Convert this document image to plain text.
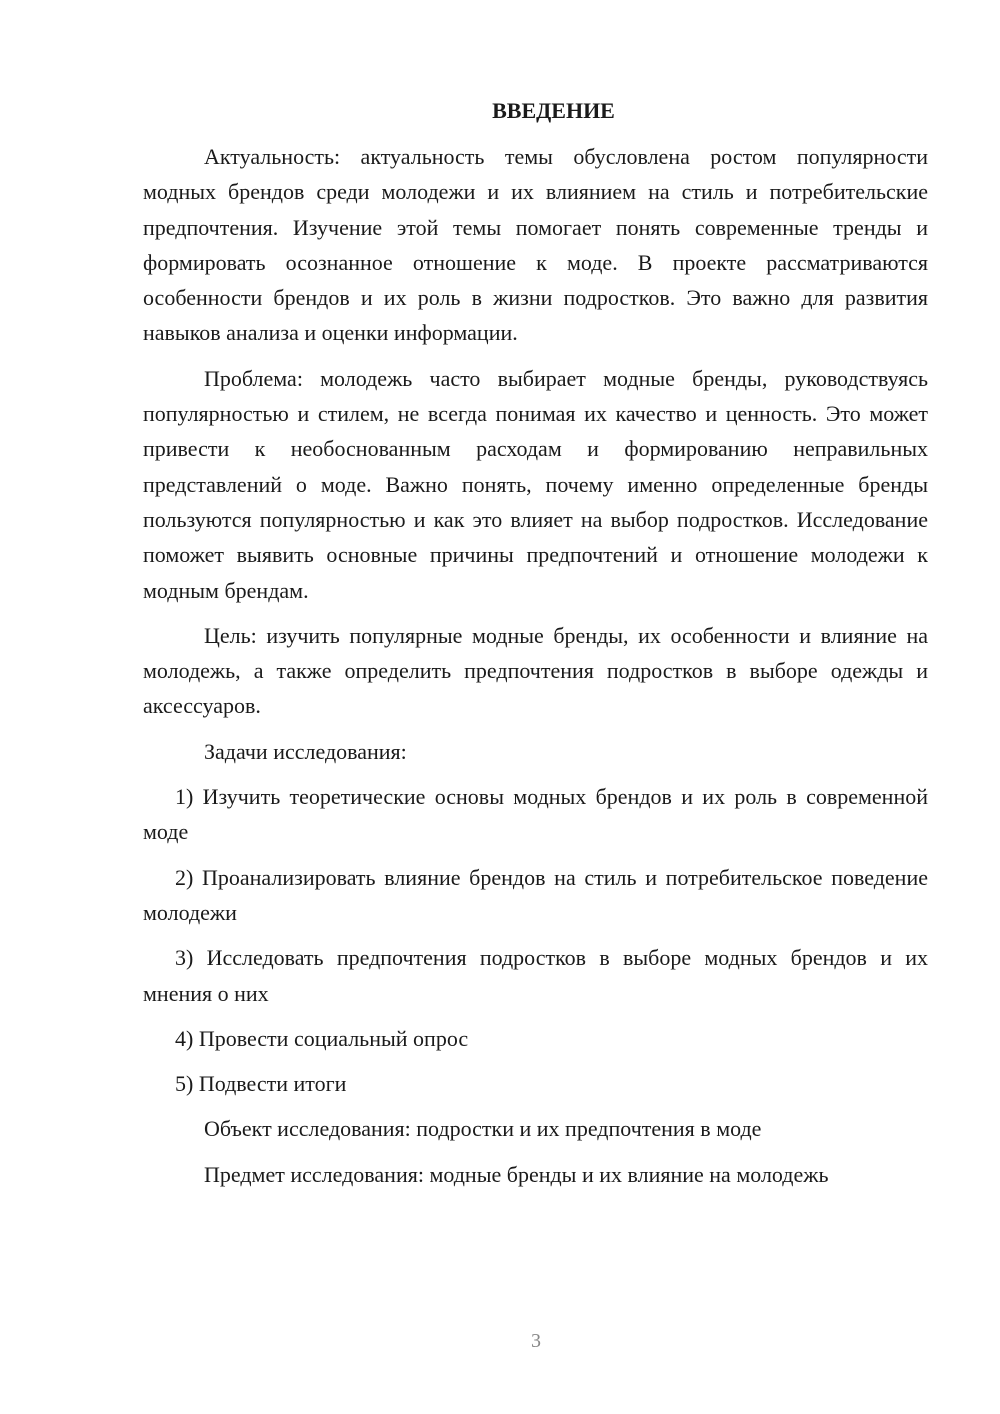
ВВЕДЕНИЕ

Актуальность: актуальность темы обусловлена ростом популярности модных брендов среди молодежи и их влиянием на стиль и потребительские предпочтения. Изучение этой темы помогает понять современные тренды и формировать осознанное отношение к моде. В проекте рассматриваются особенности брендов и их роль в жизни подростков. Это важно для развития навыков анализа и оценки информации.

Проблема: молодежь часто выбирает модные бренды, руководствуясь популярностью и стилем, не всегда понимая их качество и ценность. Это может привести к необоснованным расходам и формированию неправильных представлений о моде. Важно понять, почему именно определенные бренды пользуются популярностью и как это влияет на выбор подростков. Исследование поможет выявить основные причины предпочтений и отношение молодежи к модным брендам.

Цель: изучить популярные модные бренды, их особенности и влияние на молодежь, а также определить предпочтения подростков в выборе одежды и аксессуаров.

Задачи исследования:

1) Изучить теоретические основы модных брендов и их роль в современной моде

2) Проанализировать влияние брендов на стиль и потребительское поведение молодежи

3) Исследовать предпочтения подростков в выборе модных брендов и их мнения о них

4) Провести социальный опрос

5) Подвести итоги

Объект исследования: подростки и их предпочтения в моде

Предмет исследования: модные бренды и их влияние на молодежь

3
